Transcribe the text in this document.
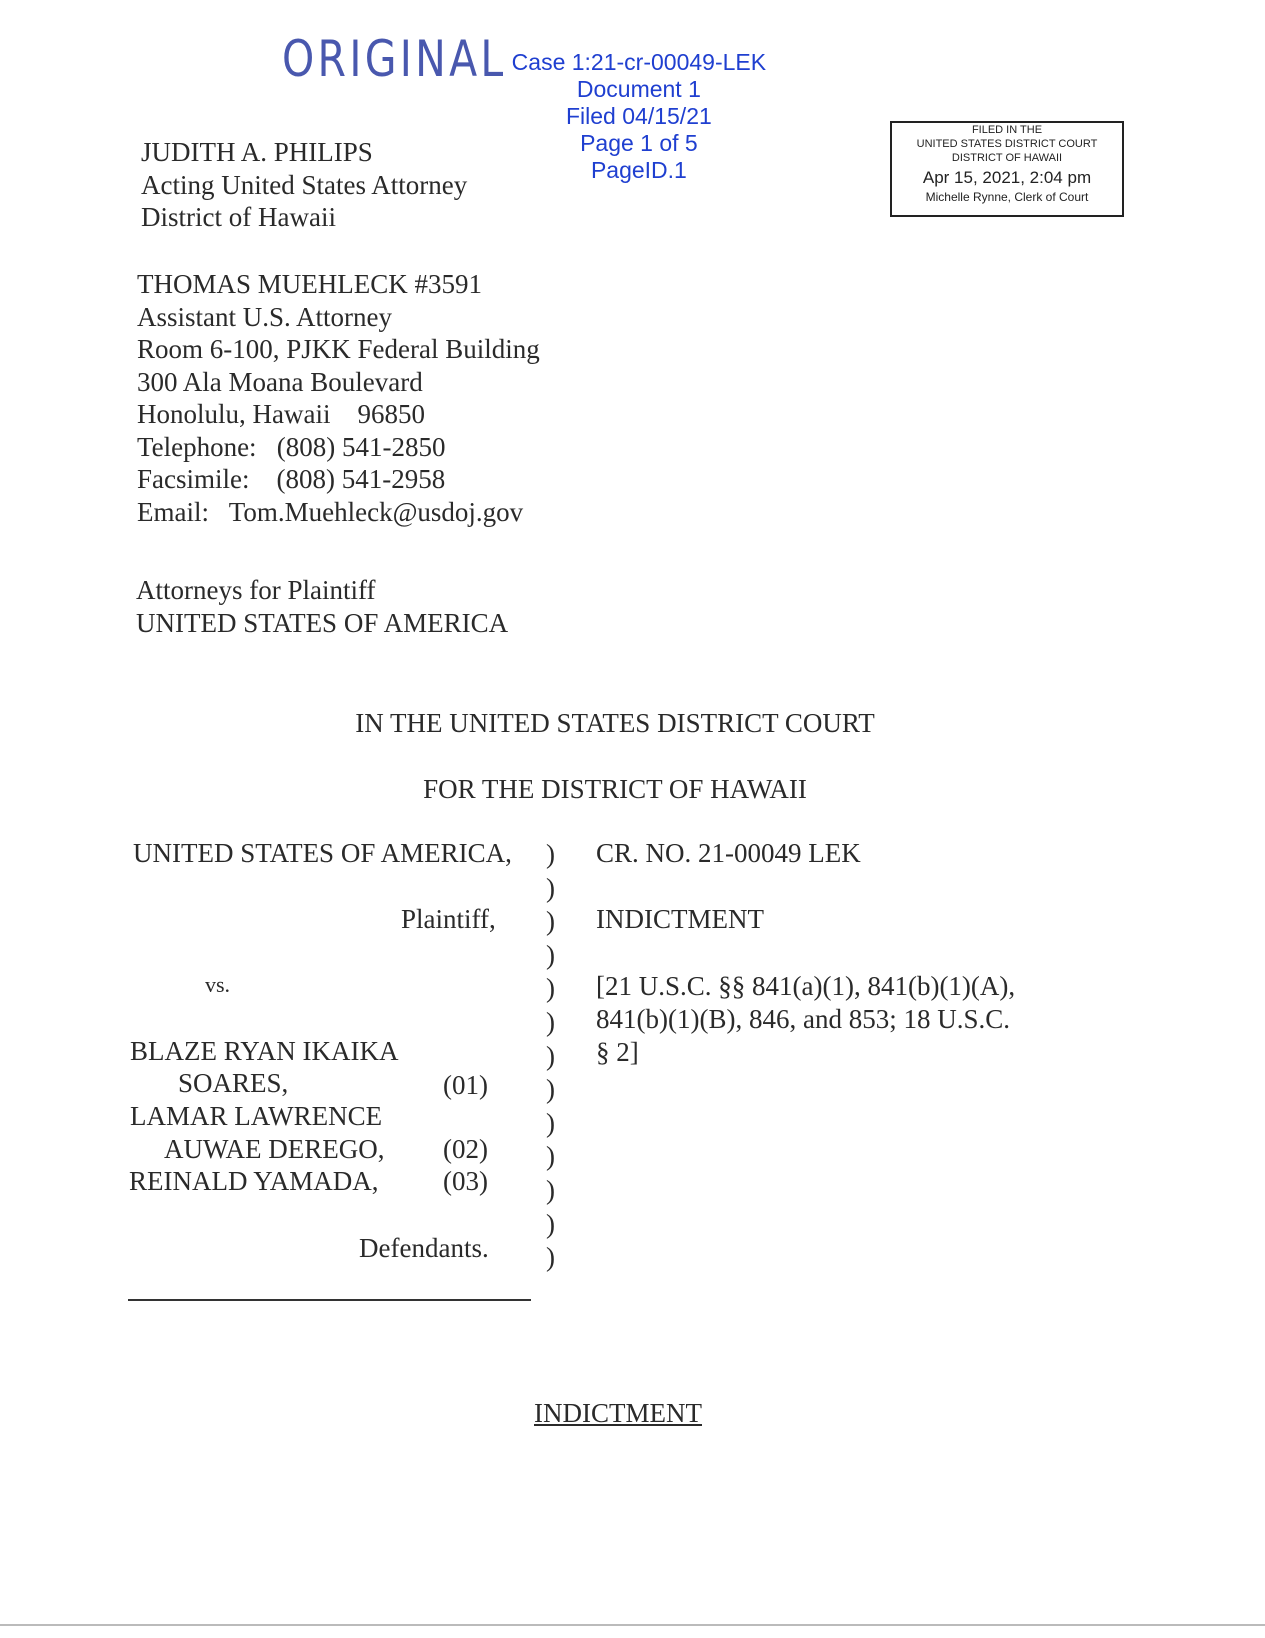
Case 1:21-cr-00049-LEK
Document 1
Filed 04/15/21
Page 1 of 5
PageID.1

ORIGINAL
FILED IN THE
UNITED STATES DISTRICT COURT
DISTRICT OF HAWAII
Apr 15, 2021, 2:04 pm
Michelle Rynne, Clerk of Court
JUDITH A. PHILIPS
Acting United States Attorney
District of Hawaii
THOMAS MUEHLECK #3591
Assistant U.S. Attorney
Room 6-100, PJKK Federal Building
300 Ala Moana Boulevard
Honolulu, Hawaii    96850
Telephone:   (808) 541-2850
Facsimile:    (808) 541-2958
Email:   Tom.Muehleck@usdoj.gov
Attorneys for Plaintiff
UNITED STATES OF AMERICA
IN THE UNITED STATES DISTRICT COURT
FOR THE DISTRICT OF HAWAII
UNITED STATES OF AMERICA,
Plaintiff,
vs.
BLAZE RYAN IKAIKA
SOARES,	(01)
LAMAR LAWRENCE
AUWAE DEREGO, (02)
REINALD YAMADA, (03)
Defendants.
)
)
)
)
)
)
)
)
)
)
)
)
)
CR. NO. 21-00049 LEK
INDICTMENT
[21 U.S.C. §§ 841(a)(1), 841(b)(1)(A),
841(b)(1)(B), 846, and 853; 18 U.S.C.
§ 2]
INDICTMENT
